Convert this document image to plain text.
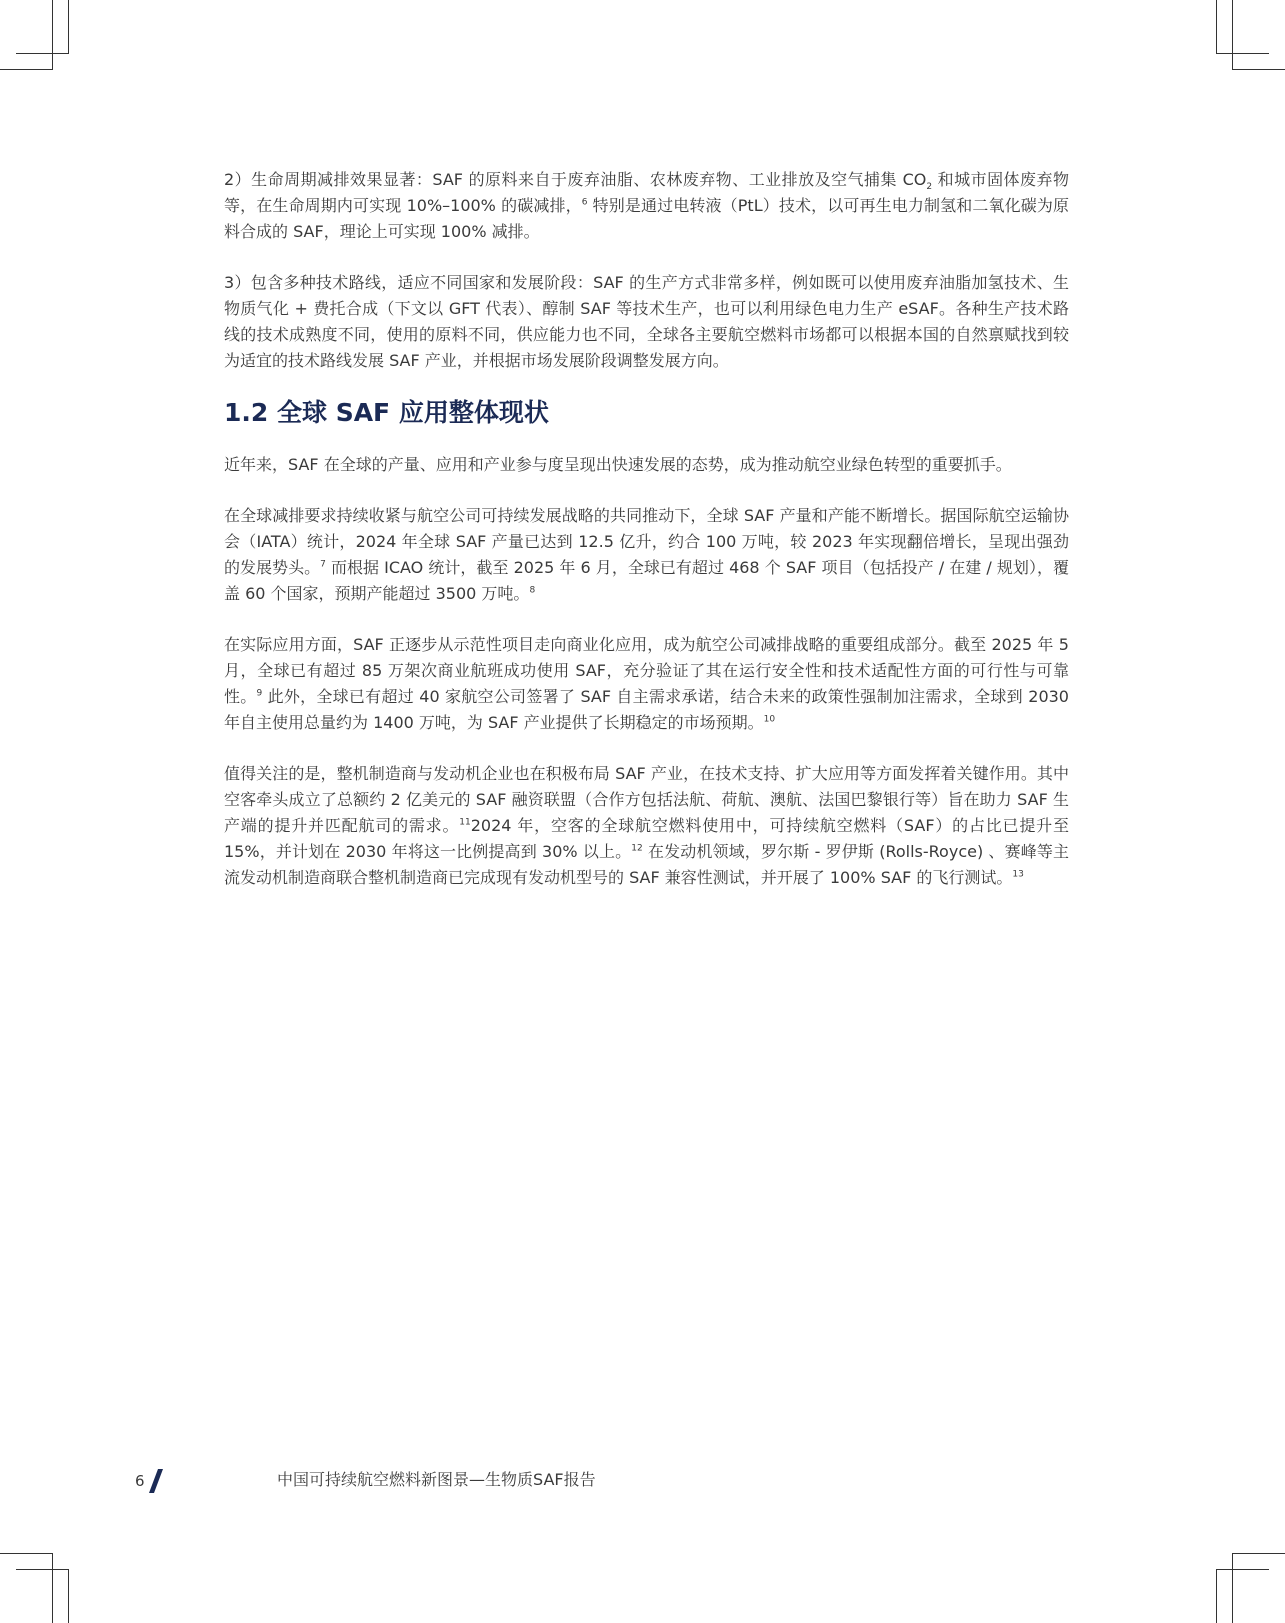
2）生命周期减排效果显著：SAF 的原料来自于废弃油脂、农林废弃物、工业排放及空气捕集 $CO_2$ 和城市固体废弃物等，在生命周期内可实现 10%–100% 的碳减排，$^6$ 特别是通过电转液（PtL）技术，以可再生电力制氢和二氧化碳为原料合成的 SAF，理论上可实现 100% 减排。

3）包含多种技术路线，适应不同国家和发展阶段：SAF 的生产方式非常多样，例如既可以使用废弃油脂加氢技术、生物质气化 + 费托合成（下文以 GFT 代表）、醇制 SAF 等技术生产，也可以利用绿色电力生产 eSAF。各种生产技术路线的技术成熟度不同，使用的原料不同，供应能力也不同，全球各主要航空燃料市场都可以根据本国的自然禀赋找到较为适宜的技术路线发展 SAF 产业，并根据市场发展阶段调整发展方向。

1.2 全球 SAF 应用整体现状

近年来，SAF 在全球的产量、应用和产业参与度呈现出快速发展的态势，成为推动航空业绿色转型的重要抓手。

在全球减排要求持续收紧与航空公司可持续发展战略的共同推动下，全球 SAF 产量和产能不断增长。据国际航空运输协会（IATA）统计，2024 年全球 SAF 产量已达到 12.5 亿升，约合 100 万吨，较 2023 年实现翻倍增长，呈现出强劲的发展势头。$^7$ 而根据 ICAO 统计，截至 2025 年 6 月，全球已有超过 468 个 SAF 项目（包括投产 / 在建 / 规划），覆盖 60 个国家，预期产能超过 3500 万吨。$^8$

在实际应用方面，SAF 正逐步从示范性项目走向商业化应用，成为航空公司减排战略的重要组成部分。截至 2025 年 5 月，全球已有超过 85 万架次商业航班成功使用 SAF，充分验证了其在运行安全性和技术适配性方面的可行性与可靠性。$^9$ 此外，全球已有超过 40 家航空公司签署了 SAF 自主需求承诺，结合未来的政策性强制加注需求，全球到 2030 年自主使用总量约为 1400 万吨，为 SAF 产业提供了长期稳定的市场预期。$^{10}$

值得关注的是，整机制造商与发动机企业也在积极布局 SAF 产业，在技术支持、扩大应用等方面发挥着关键作用。其中空客牵头成立了总额约 2 亿美元的 SAF 融资联盟（合作方包括法航、荷航、澳航、法国巴黎银行等）旨在助力 SAF 生产端的提升并匹配航司的需求。$^{11}$2024 年，空客的全球航空燃料使用中，可持续航空燃料（SAF）的占比已提升至 15%，并计划在 2030 年将这一比例提高到 30% 以上。$^{12}$ 在发动机领域，罗尔斯 - 罗伊斯 (Rolls-Royce) 、赛峰等主流发动机制造商联合整机制造商已完成现有发动机型号的 SAF 兼容性测试，并开展了 100% SAF 的飞行测试。$^{13}$

6	中国可持续航空燃料新图景—生物质SAF报告
